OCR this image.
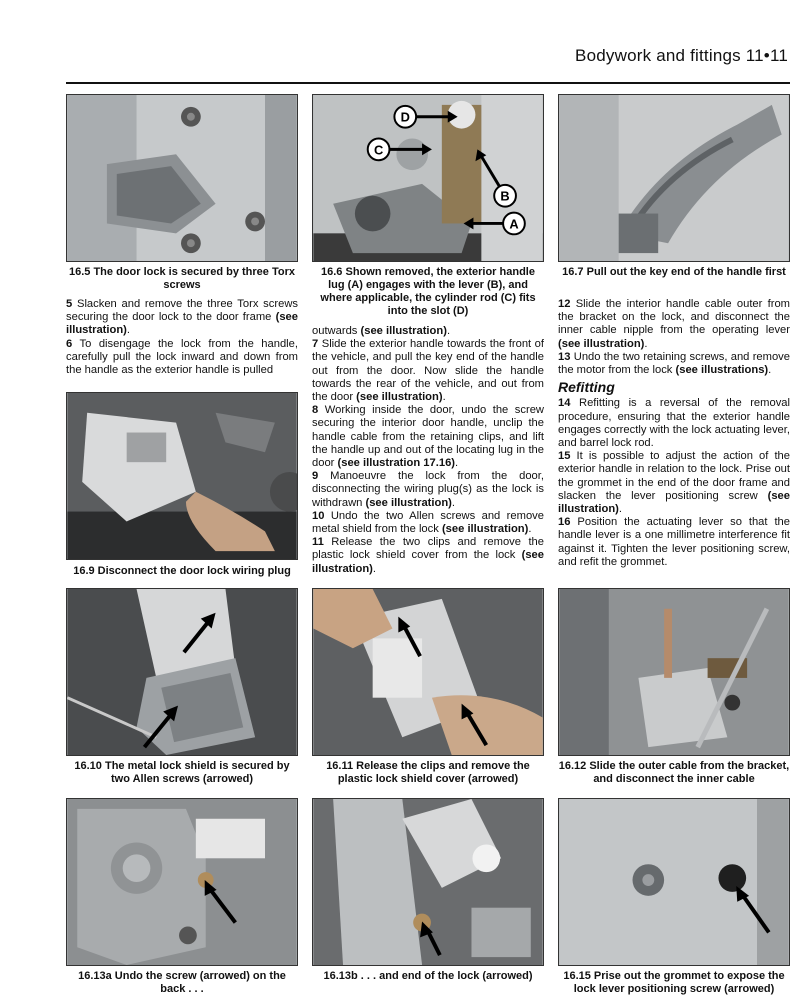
Bodywork and fittings 11•11
16.5 The door lock is secured by three Torx screws
D
C
B
A
16.6 Shown removed, the exterior handle lug (A) engages with the lever (B), and where applicable, the cylinder rod (C) fits into the slot (D)
16.7 Pull out the key end of the handle first

5 Slacken and remove the three Torx screws securing the door lock to the door frame (see illustration).

6 To disengage the lock from the handle, carefully pull the lock inward and down from the handle as the exterior handle is pulled

16.9 Disconnect the door lock wiring plug

outwards (see illustration).

7 Slide the exterior handle towards the front of the vehicle, and pull the key end of the handle out from the door. Now slide the handle towards the rear of the vehicle, and out from the door (see illustration).

8 Working inside the door, undo the screw securing the interior door handle, unclip the handle cable from the retaining clips, and lift the handle up and out of the locating lug in the door (see illustration 17.16).

9 Manoeuvre the lock from the door, disconnecting the wiring plug(s) as the lock is withdrawn (see illustration).

10 Undo the two Allen screws and remove metal shield from the lock (see illustration).

11 Release the two clips and remove the plastic lock shield cover from the lock (see illustration).

12 Slide the interior handle cable outer from the bracket on the lock, and disconnect the inner cable nipple from the operating lever (see illustration).

13 Undo the two retaining screws, and remove the motor from the lock (see illustrations).

Refitting

14 Refitting is a reversal of the removal procedure, ensuring that the exterior handle engages correctly with the lock actuating lever, and barrel lock rod.

15 It is possible to adjust the action of the exterior handle in relation to the lock. Prise out the grommet in the end of the door frame and slacken the lever positioning screw (see illustration).

16 Position the actuating lever so that the handle lever is a one millimetre interference fit against it. Tighten the lever positioning screw, and refit the grommet.

16.10 The metal lock shield is secured by two Allen screws (arrowed)
16.11 Release the clips and remove the plastic lock shield cover (arrowed)
16.12 Slide the outer cable from the bracket, and disconnect the inner cable
16.13a Undo the screw (arrowed) on the back . . .
16.13b . . . and end of the lock (arrowed)	16.15 Prise out the grommet to expose the lock lever positioning screw (arrowed)
